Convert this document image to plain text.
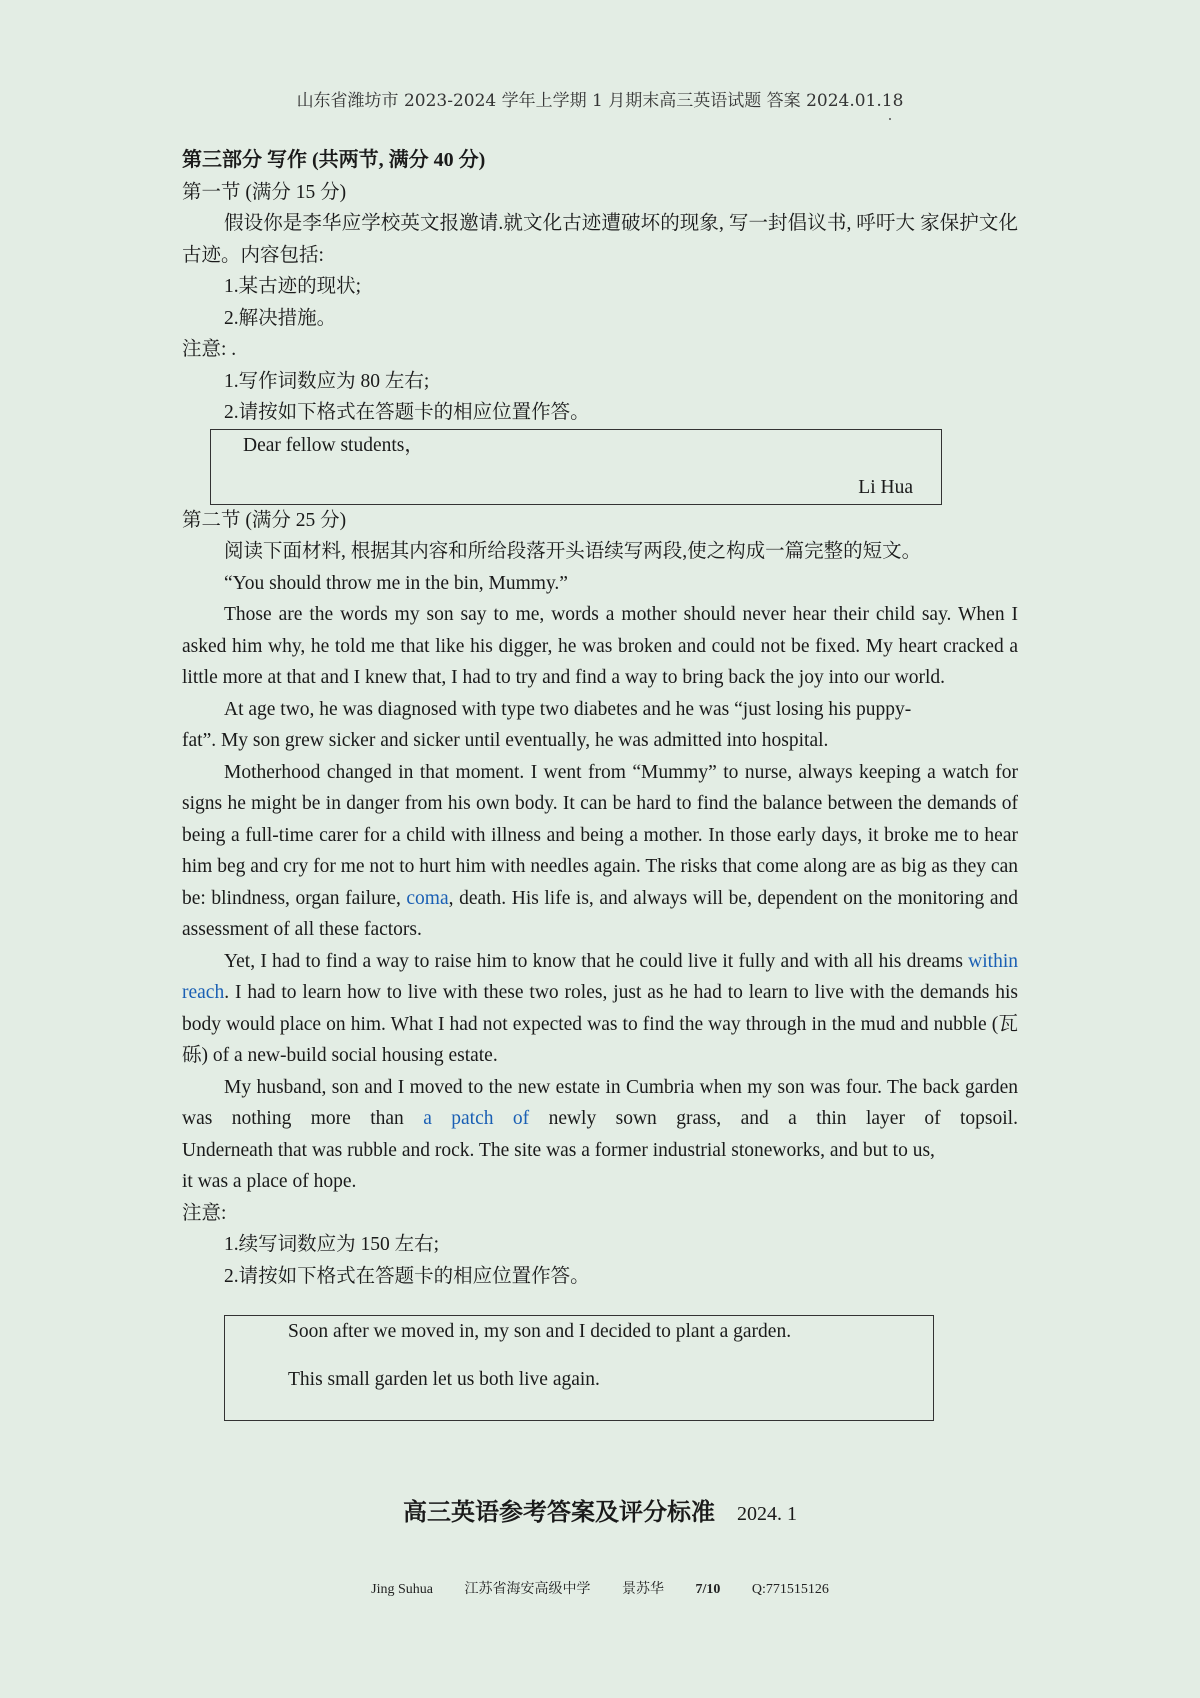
山东省潍坊市 2023-2024 学年上学期 1 月期末高三英语试题 答案 2024.01.18

第三部分 写作 (共两节, 满分 40 分)

第一节 (满分 15 分)

假设你是李华应学校英文报邀请.就文化古迹遭破坏的现象, 写一封倡议书, 呼吁大 家保护文化古迹。内容包括:

1.某古迹的现状;

2.解决措施。

注意: .

1.写作词数应为 80 左右;

2.请按如下格式在答题卡的相应位置作答。

Dear fellow students，
Li Hua

第二节 (满分 25 分)

阅读下面材料, 根据其内容和所给段落开头语续写两段,使之构成一篇完整的短文。

“You should throw me in the bin, Mummy.”

Those are the words my son say to me, words a mother should never hear their child say. When I asked him why, he told me that like his digger, he was broken and could not be fixed. My heart cracked a little more at that and I knew that, I had to try and find a way to bring back the joy into our world.

At age two, he was diagnosed with type two diabetes and he was “just losing his puppy-

fat”. My son grew sicker and sicker until eventually, he was admitted into hospital.

Motherhood changed in that moment. I went from “Mummy” to nurse, always keeping a watch for signs he might be in danger from his own body. It can be hard to find the balance between the demands of being a full-time carer for a child with illness and being a mother. In those early days, it broke me to hear him beg and cry for me not to hurt him with needles again. The risks that come along are as big as they can be: blindness, organ failure, coma, death. His life is, and always will be, dependent on the monitoring and assessment of all these factors.

Yet, I had to find a way to raise him to know that he could live it fully and with all his dreams within reach. I had to learn how to live with these two roles, just as he had to learn to live with the demands his body would place on him. What I had not expected was to find the way through in the mud and nubble (瓦砾) of a new-build social housing estate.

My husband, son and I moved to the new estate in Cumbria when my son was four. The back garden was nothing more than a patch of newly sown grass, and a thin layer of topsoil.

Underneath that was rubble and rock. The site was a former industrial stoneworks, and but to us,

it was a place of hope.

注意:

1.续写词数应为 150 左右;

2.请按如下格式在答题卡的相应位置作答。

Soon after we moved in, my son and I decided to plant a garden.
This small garden let us both live again.
高三英语参考答案及评分标准 2024. 1
Jing Suhua 江苏省海安高级中学 景苏华 7/10 Q:771515126
